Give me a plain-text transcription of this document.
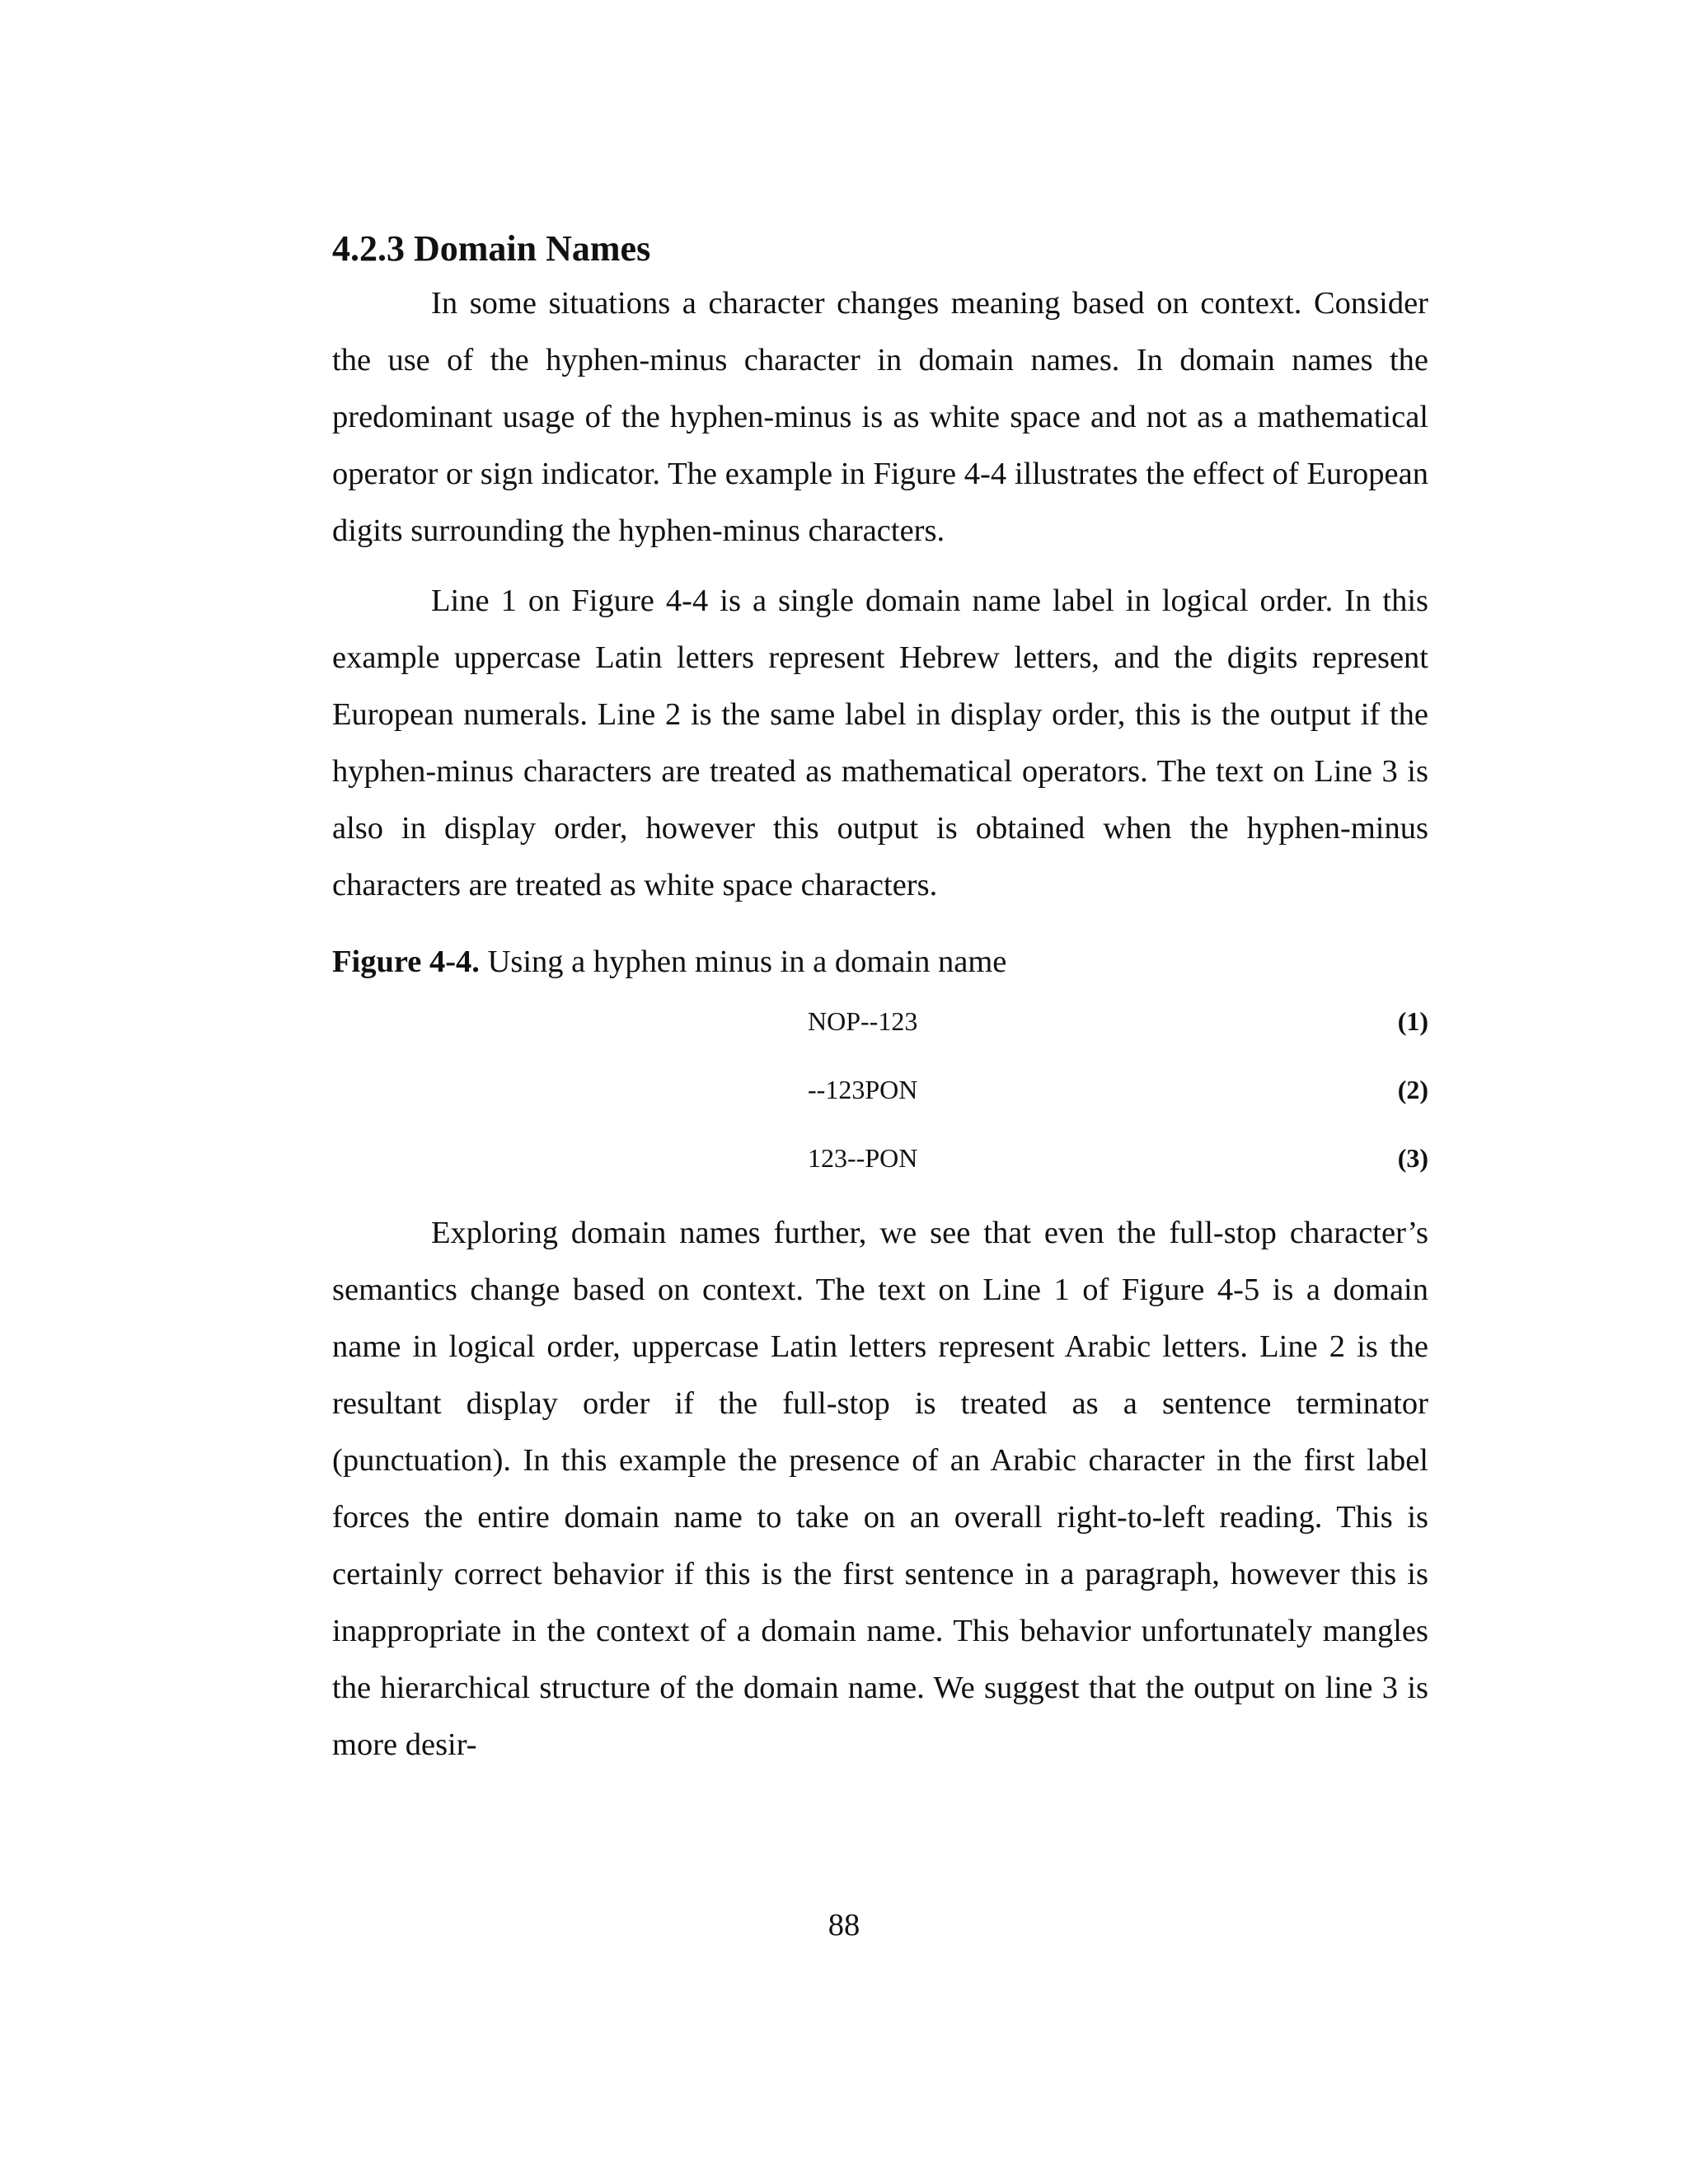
4.2.3 Domain Names

In some situations a character changes meaning based on context. Consider the use of the hyphen-minus character in domain names. In domain names the predominant usage of the hyphen-minus is as white space and not as a mathematical operator or sign indicator. The example in Figure 4-4 illustrates the effect of European digits surrounding the hyphen-minus characters.

Line 1 on Figure 4-4 is a single domain name label in logical order. In this example uppercase Latin letters represent Hebrew letters, and the digits represent European numerals. Line 2 is the same label in display order, this is the output if the hyphen-minus characters are treated as mathematical operators. The text on Line 3 is also in display order, however this output is obtained when the hyphen-minus characters are treated as white space characters.

Figure 4-4. Using a hyphen minus in a domain name

NOP--123	(1)
--123PON	(2)
123--PON	(3)

Exploring domain names further, we see that even the full-stop character’s semantics change based on context. The text on Line 1 of Figure 4-5 is a domain name in logical order, uppercase Latin letters represent Arabic letters. Line 2 is the resultant display order if the full-stop is treated as a sentence terminator (punctuation). In this example the presence of an Arabic character in the first label forces the entire domain name to take on an overall right-to-left reading. This is certainly correct behavior if this is the first sentence in a paragraph, however this is inappropriate in the context of a domain name. This behavior unfortunately mangles the hierarchical structure of the domain name. We suggest that the output on line 3 is more desir-

88
